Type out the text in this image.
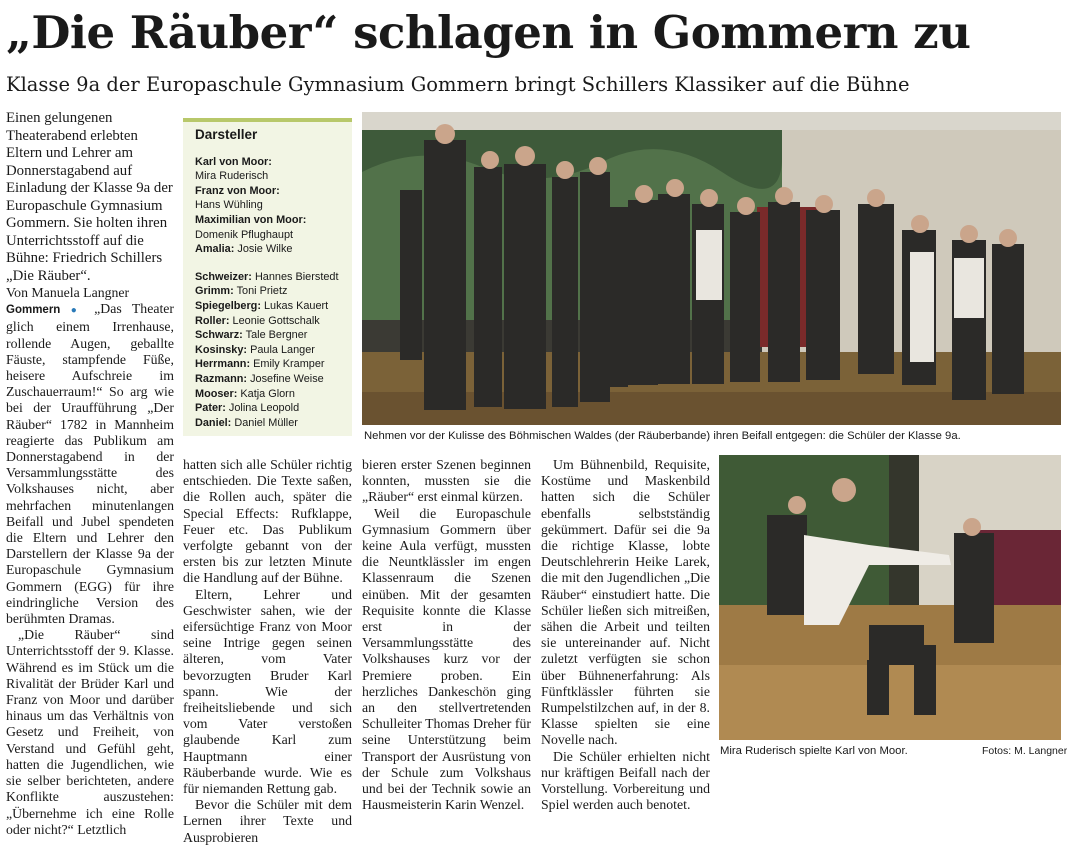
„Die Räuber“ schlagen in Gommern zu
Klasse 9a der Europaschule Gymnasium Gommern bringt Schillers Klassiker auf die Bühne

Einen gelungenen Theaterabend erlebten Eltern und Lehrer am Donnerstagabend auf Einladung der Klasse 9a der Europaschule Gymnasium Gommern. Sie holten ihren Unterrichtsstoff auf die Bühne: Friedrich Schillers „Die Räuber“.

Von Manuela Langner

Gommern ● „Das Theater glich einem Irrenhause, rollende Augen, geballte Fäuste, stampfende Füße, heisere Aufschreie im Zuschauerraum!“ So arg wie bei der Uraufführung „Der Räuber“ 1782 in Mannheim reagierte das Publikum am Donnerstagabend in der Versammlungsstätte des Volkshauses nicht, aber mehrfachen minutenlangen Beifall und Jubel spendeten die Eltern und Lehrer den Darstellern der Klasse 9a der Europaschule Gymnasium Gommern (EGG) für ihre eindringliche Version des berühmten Dramas.

„Die Räuber“ sind Unterrichtsstoff der 9. Klasse. Während es im Stück um die Rivalität der Brüder Karl und Franz von Moor und darüber hinaus um das Verhältnis von Gesetz und Freiheit, von Verstand und Gefühl geht, hatten die Jugendlichen, wie sie selber berichteten, andere Konflikte auszustehen: „Übernehme ich eine Rolle oder nicht?“ Letztlich

Darsteller
Karl von Moor:
Mira Ruderisch
Franz von Moor:
Hans Wühling
Maximilian von Moor:
Domenik Pflughaupt
Amalia: Josie Wilke
Schweizer: Hannes Bierstedt
Grimm: Toni Prietz
Spiegelberg: Lukas Kauert
Roller: Leonie Gottschalk
Schwarz: Tale Bergner
Kosinsky: Paula Langer
Herrmann: Emily Kramper
Razmann: Josefine Weise
Mooser: Katja Glorn
Pater: Jolina Leopold
Daniel: Daniel Müller
Nehmen vor der Kulisse des Böhmischen Waldes (der Räuberbande) ihren Beifall entgegen: die Schüler der Klasse 9a.

hatten sich alle Schüler richtig entschieden. Die Texte saßen, die Rollen auch, später die Special Effects: Rufklappe, Feuer etc. Das Publikum verfolgte gebannt von der ersten bis zur letzten Minute die Handlung auf der Bühne.

Eltern, Lehrer und Geschwister sahen, wie der eifersüchtige Franz von Moor seine Intrige gegen seinen älteren, vom Vater bevorzugten Bruder Karl spann. Wie der freiheitsliebende und sich vom Vater verstoßen glaubende Karl zum Hauptmann einer Räuberbande wurde. Wie es für niemanden Rettung gab.

Bevor die Schüler mit dem Lernen ihrer Texte und Ausprobieren

bieren erster Szenen beginnen konnten, mussten sie die „Räuber“ erst einmal kürzen.

Weil die Europaschule Gymnasium Gommern über keine Aula verfügt, mussten die Neuntklässler im engen Klassenraum die Szenen einüben. Mit der gesamten Requisite konnte die Klasse erst in der Versammlungsstätte des Volkshauses kurz vor der Premiere proben. Ein herzliches Dankeschön ging an den stellvertretenden Schulleiter Thomas Dreher für seine Unterstützung beim Transport der Ausrüstung von der Schule zum Volkshaus und bei der Technik sowie an Hausmeisterin Karin Wenzel.

Um Bühnenbild, Requisite, Kostüme und Maskenbild hatten sich die Schüler ebenfalls selbstständig gekümmert. Dafür sei die 9a die richtige Klasse, lobte Deutschlehrerin Heike Larek, die mit den Jugendlichen „Die Räuber“ einstudiert hatte. Die Schüler ließen sich mitreißen, sähen die Arbeit und teilten sie untereinander auf. Nicht zuletzt verfügten sie schon über Bühnenerfahrung: Als Fünftklässler führten sie Rumpelstilzchen auf, in der 8. Klasse spielten sie eine Novelle nach.

Die Schüler erhielten nicht nur kräftigen Beifall nach der Vorstellung. Vorbereitung und Spiel werden auch benotet.

Mira Ruderisch spielte Karl von Moor.	Fotos: M. Langner
